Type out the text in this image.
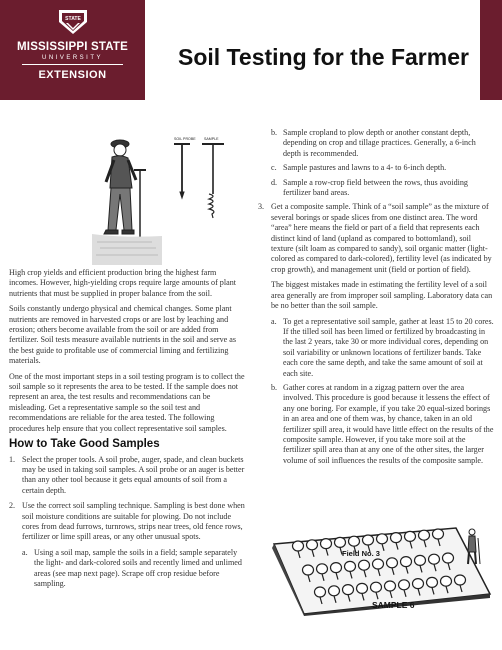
STATE
MISSISSIPPI STATE
UNIVERSITY
EXTENSION
Soil Testing for the Farmer
SOIL PROBE SAMPLE

High crop yields and efficient production bring the highest farm incomes. However, high-yielding crops require large amounts of plant nutrients that must be supplied in proper balance from the soil.

Soils constantly undergo physical and chemical changes. Some plant nutrients are removed in harvested crops or are lost by leaching and erosion; others become available from the soil or are added from fertilizer. Soil tests measure available nutrients in the soil and serve as the best guide to profitable use of commercial liming and fertilizing materials.

One of the most important steps in a soil testing program is to collect the soil sample so it represents the area to be tested. If the sample does not represent an area, the test results and recommendations can be misleading. Get a representative sample so the soil test and recommendations are reliable for the area tested. The following procedures help ensure that you collect representative soil samples.

How to Take Good Samples
1. Select the proper tools. A soil probe, auger, spade, and clean buckets may be used in taking soil samples. A soil probe or an auger is better than any other tool because it gets equal amounts of soil from a certain depth.
2. Use the correct soil sampling technique. Sampling is best done when soil moisture conditions are suitable for plowing. Do not include cores from dead furrows, turnrows, strips near trees, old fence rows, fertilizer or lime spill areas, or any other unusual spots.
a. Using a soil map, sample the soils in a field; sample separately the light- and dark-colored soils and recently limed and unlimed areas (see map next page). Scrape off crop residue before sampling.
b. Sample cropland to plow depth or another constant depth, depending on crop and tillage practices. Generally, a 6-inch depth is recommended.
c. Sample pastures and lawns to a 4- to 6-inch depth.
d. Sample a row-crop field between the rows, thus avoiding fertilizer band areas.
3. Get a composite sample. Think of a “soil sample” as the mixture of several borings or spade slices from one distinct area. The word “area” here means the field or part of a field that represents each distinct kind of land (upland as compared to bottomland), soil texture (silt loam as compared to sandy), soil organic matter (light-colored as compared to dark-colored), fertility level (as indicated by crop growth), and management unit (field or portion of field).

The biggest mistakes made in estimating the fertility level of a soil area generally are from improper soil sampling. Laboratory data can be no better than the soil sample.

a. To get a representative soil sample, gather at least 15 to 20 cores. If the tilled soil has been limed or fertilized by broadcasting in the last 2 years, take 30 or more individual cores, depending on soil variability or unknown locations of fertilizer bands. Take each core the same depth, and take the same amount of soil at each site.
b. Gather cores at random in a zigzag pattern over the area involved. This procedure is good because it lessens the effect of any one boring. For example, if you take 20 equal-sized borings in an area and one of them was, by chance, taken in an old fertilizer spill area, it would have little effect on the results of the composite sample. However, if you take more soil at the fertilizer spill area than at any one of the other sites, the larger volume of soil influences the results of the composite sample.
Field No. 3
SAMPLE 6
